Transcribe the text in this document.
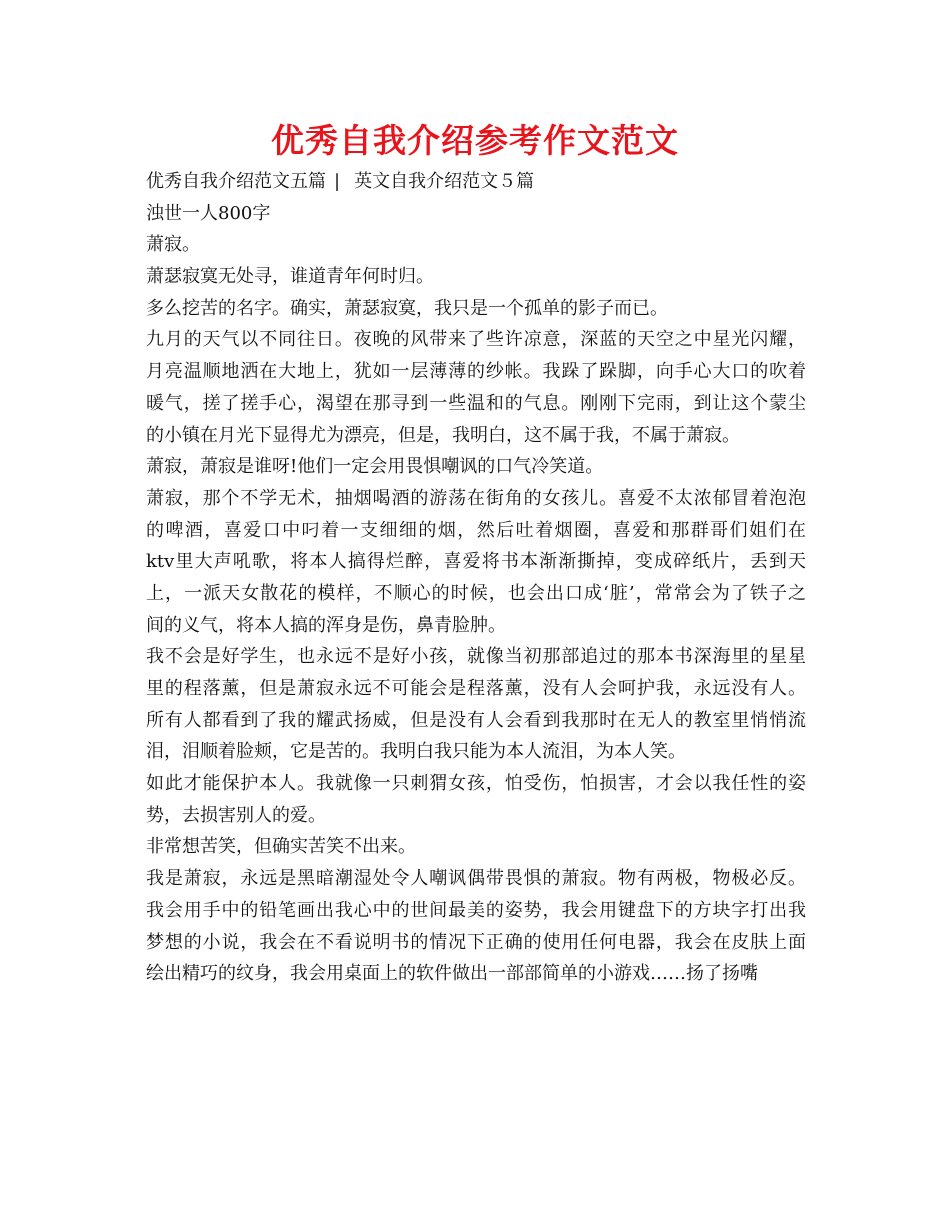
优秀自我介绍参考作文范文
优秀自我介绍范文五篇 | 英文自我介绍范文５篇
浊世一人800字
萧寂。
萧瑟寂寞无处寻，谁道青年何时归。
多么挖苦的名字。确实，萧瑟寂寞，我只是一个孤单的影子而已。
九月的天气以不同往日。夜晚的风带来了些许凉意，深蓝的天空之中星光闪耀，
月亮温顺地洒在大地上，犹如一层薄薄的纱帐。我跺了跺脚，向手心大口的吹着
暖气，搓了搓手心，渴望在那寻到一些温和的气息。刚刚下完雨，到让这个蒙尘
的小镇在月光下显得尤为漂亮，但是，我明白，这不属于我，不属于萧寂。
萧寂，萧寂是谁呀!他们一定会用畏惧嘲讽的口气冷笑道。
萧寂，那个不学无术，抽烟喝酒的游荡在街角的女孩儿。喜爱不太浓郁冒着泡泡
的啤酒，喜爱口中叼着一支细细的烟，然后吐着烟圈，喜爱和那群哥们姐们在
ktv里大声吼歌，将本人搞得烂醉，喜爱将书本渐渐撕掉，变成碎纸片，丢到天
上，一派天女散花的模样，不顺心的时候，也会出口成‘脏’，常常会为了铁子之
间的义气，将本人搞的浑身是伤，鼻青脸肿。
我不会是好学生，也永远不是好小孩，就像当初那部追过的那本书深海里的星星
里的程落薰，但是萧寂永远不可能会是程落薰，没有人会呵护我，永远没有人。
所有人都看到了我的耀武扬威，但是没有人会看到我那时在无人的教室里悄悄流
泪，泪顺着脸颊，它是苦的。我明白我只能为本人流泪，为本人笑。
如此才能保护本人。我就像一只刺猬女孩，怕受伤，怕损害，才会以我任性的姿
势，去损害别人的爱。
非常想苦笑，但确实苦笑不出来。
我是萧寂，永远是黑暗潮湿处令人嘲讽偶带畏惧的萧寂。物有两极，物极必反。
我会用手中的铅笔画出我心中的世间最美的姿势，我会用键盘下的方块字打出我
梦想的小说，我会在不看说明书的情况下正确的使用任何电器，我会在皮肤上面
绘出精巧的纹身，我会用桌面上的软件做出一部部简单的小游戏……扬了扬嘴
